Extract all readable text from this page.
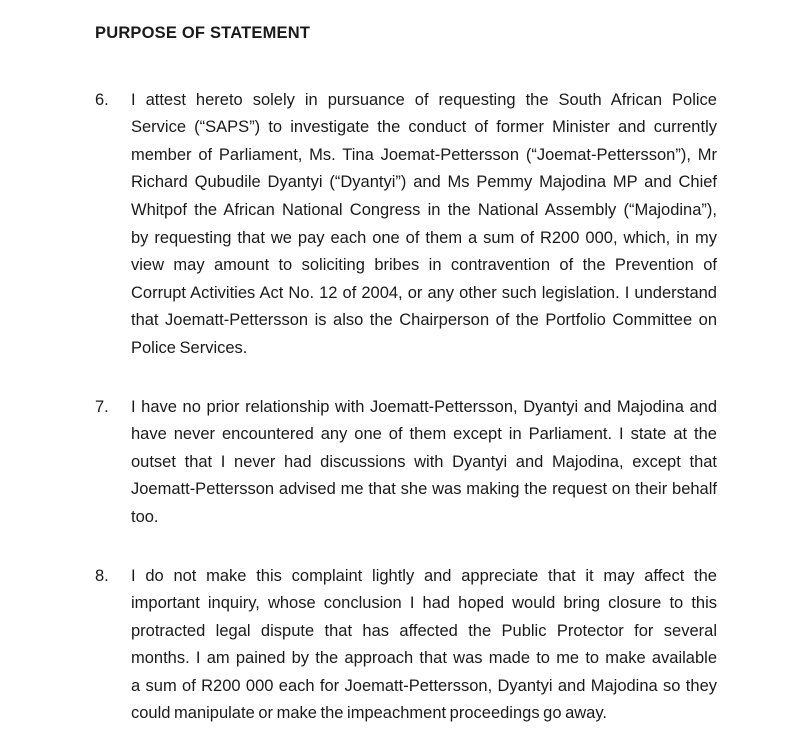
PURPOSE OF STATEMENT
6.	I attest hereto solely in pursuance of requesting the South African Police
Service (“SAPS”) to investigate the conduct of former Minister and currently
member of Parliament, Ms. Tina Joemat-Pettersson (“Joemat-Pettersson”), Mr
Richard Qubudile Dyantyi (“Dyantyi”) and Ms Pemmy Majodina MP and Chief
Whitpof the African National Congress in the National Assembly (“Majodina”),
by requesting that we pay each one of them a sum of R200 000, which, in my
view may amount to soliciting bribes in contravention of the Prevention of
Corrupt Activities Act No. 12 of 2004, or any other such legislation. I understand
that Joematt-Pettersson is also the Chairperson of the Portfolio Committee on
Police Services.
7.	I have no prior relationship with Joematt-Pettersson, Dyantyi and Majodina and
have never encountered any one of them except in Parliament. I state at the
outset that I never had discussions with Dyantyi and Majodina, except that
Joematt-Pettersson advised me that she was making the request on their behalf
too.
8.	I do not make this complaint lightly and appreciate that it may affect the
important inquiry, whose conclusion I had hoped would bring closure to this
protracted legal dispute that has affected the Public Protector for several
months. I am pained by the approach that was made to me to make available
a sum of R200 000 each for Joematt-Pettersson, Dyantyi and Majodina so they
could manipulate or make the impeachment proceedings go away.
